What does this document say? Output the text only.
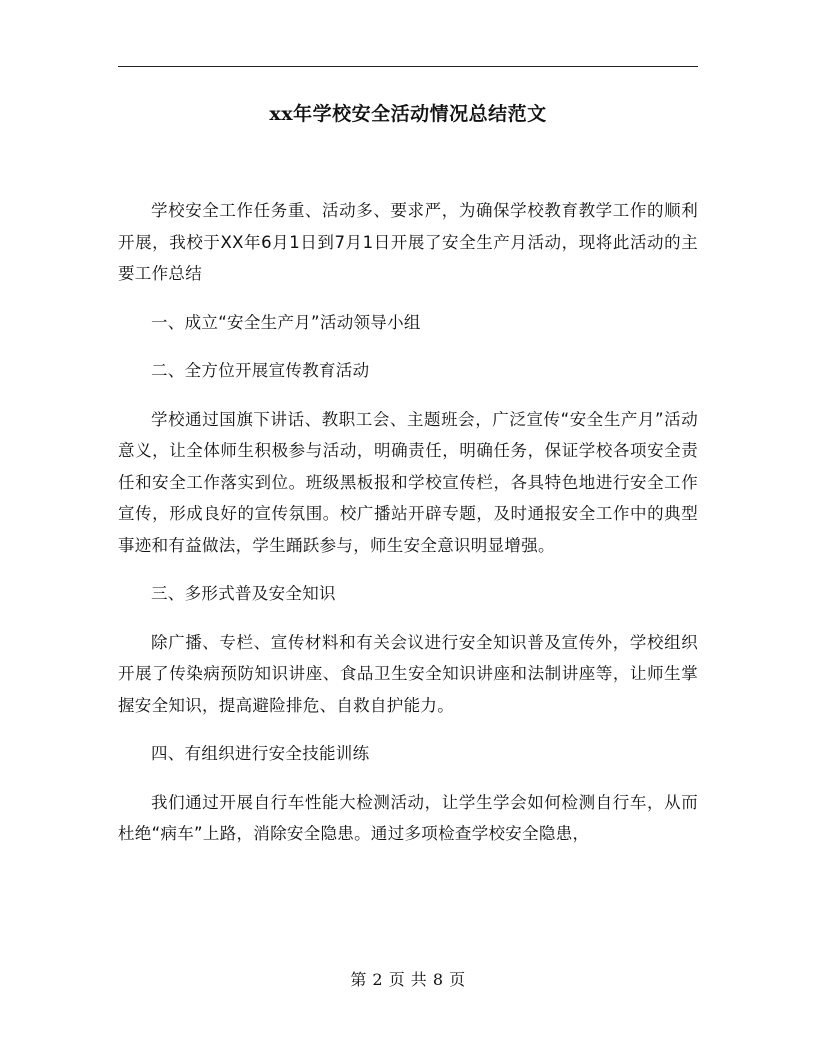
xx年学校安全活动情况总结范文

学校安全工作任务重、活动多、要求严，为确保学校教育教学工作的顺利开展，我校于XX年6月1日到7月1日开展了安全生产月活动，现将此活动的主要工作总结

一、成立“安全生产月”活动领导小组

二、全方位开展宣传教育活动

学校通过国旗下讲话、教职工会、主题班会，广泛宣传“安全生产月”活动意义，让全体师生积极参与活动，明确责任，明确任务，保证学校各项安全责任和安全工作落实到位。班级黑板报和学校宣传栏，各具特色地进行安全工作宣传，形成良好的宣传氛围。校广播站开辟专题，及时通报安全工作中的典型事迹和有益做法，学生踊跃参与，师生安全意识明显增强。

三、多形式普及安全知识

除广播、专栏、宣传材料和有关会议进行安全知识普及宣传外，学校组织开展了传染病预防知识讲座、食品卫生安全知识讲座和法制讲座等，让师生掌握安全知识，提高避险排危、自救自护能力。

四、有组织进行安全技能训练

我们通过开展自行车性能大检测活动，让学生学会如何检测自行车，从而杜绝“病车”上路，消除安全隐患。通过多项检查学校安全隐患，

第 2 页 共 8 页
